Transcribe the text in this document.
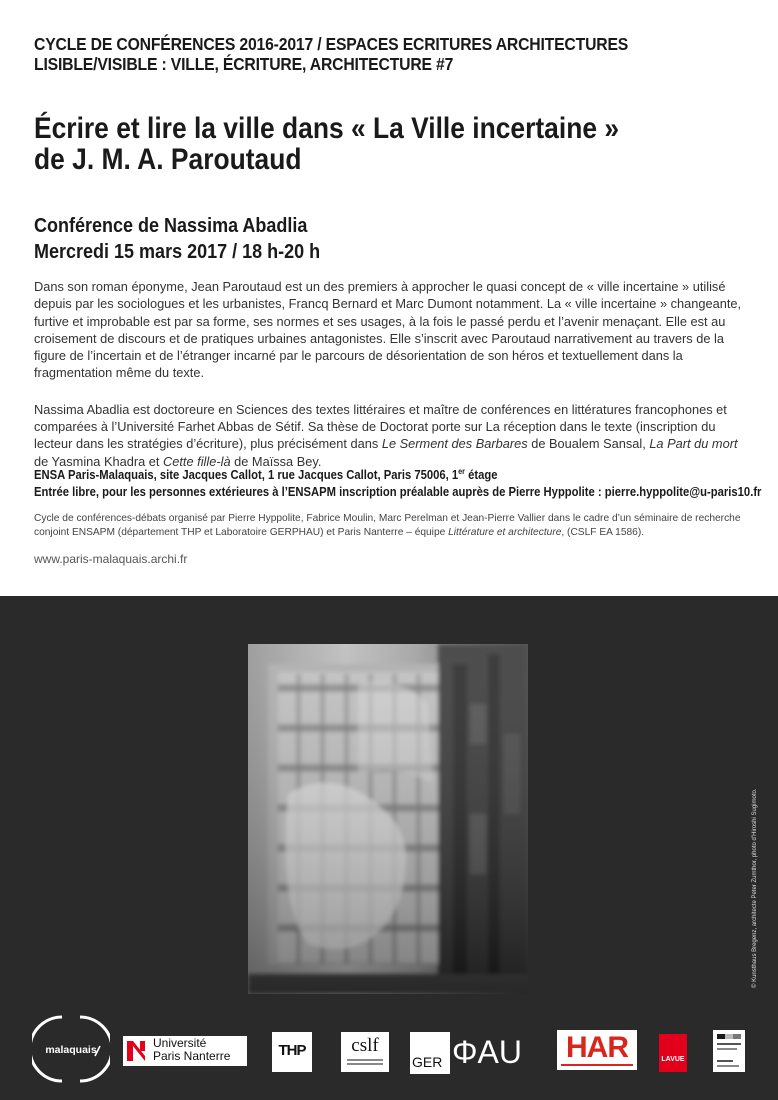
CYCLE DE CONFÉRENCES 2016-2017 / ESPACES ECRITURES ARCHITECTURES
LISIBLE/VISIBLE : VILLE, ÉCRITURE, ARCHITECTURE #7
Écrire et lire la ville dans « La Ville incertaine »
de J. M. A. Paroutaud
Conférence de Nassima Abadlia
Mercredi 15 mars 2017 / 18 h-20 h

Dans son roman éponyme, Jean Paroutaud est un des premiers à approcher le quasi concept de « ville incertaine » utilisé depuis par les sociologues et les urbanistes, Francq Bernard et Marc Dumont notamment. La « ville incertaine » changeante, furtive et improbable est par sa forme, ses normes et ses usages, à la fois le passé perdu et l’avenir menaçant. Elle est au croisement de discours et de pratiques urbaines antagonistes. Elle s’inscrit avec Paroutaud narrativement au travers de la figure de l’incertain et de l’étranger incarné par le parcours de désorientation de son héros et textuellement dans la fragmentation même du texte.

Nassima Abadlia est doctoreure en Sciences des textes littéraires et maître de conférences en littératures francophones et comparées à l’Université Farhet Abbas de Sétif. Sa thèse de Doctorat porte sur La réception dans le texte (inscription du lecteur dans les stratégies d’écriture), plus précisément dans Le Serment des Barbares de Boualem Sansal, La Part du mort de Yasmina Khadra et Cette fille-là de Maïssa Bey.

ENSA Paris-Malaquais, site Jacques Callot, 1 rue Jacques Callot, Paris 75006, 1er étage
Entrée libre, pour les personnes extérieures à l’ENSAPM inscription préalable auprès de Pierre Hyppolite : pierre.hyppolite@u-paris10.fr
Cycle de conférences-débats organisé par Pierre Hyppolite, Fabrice Moulin, Marc Perelman et Jean-Pierre Vallier dans le cadre d’un séminaire de recherche conjoint ENSAPM (département THP et Laboratoire GERPHAU) et Paris Nanterre – équipe Littérature et architecture, (CSLF EA 1586).
www.paris-malaquais.archi.fr
malaquais	Université
Paris Nanterre	THP	cslf
GER ΦAU	HAR	LAVUE
© Kunsthaus Bregenz, architecte Peter Zumthor, photo d’Hiroshi Sugimoto.
